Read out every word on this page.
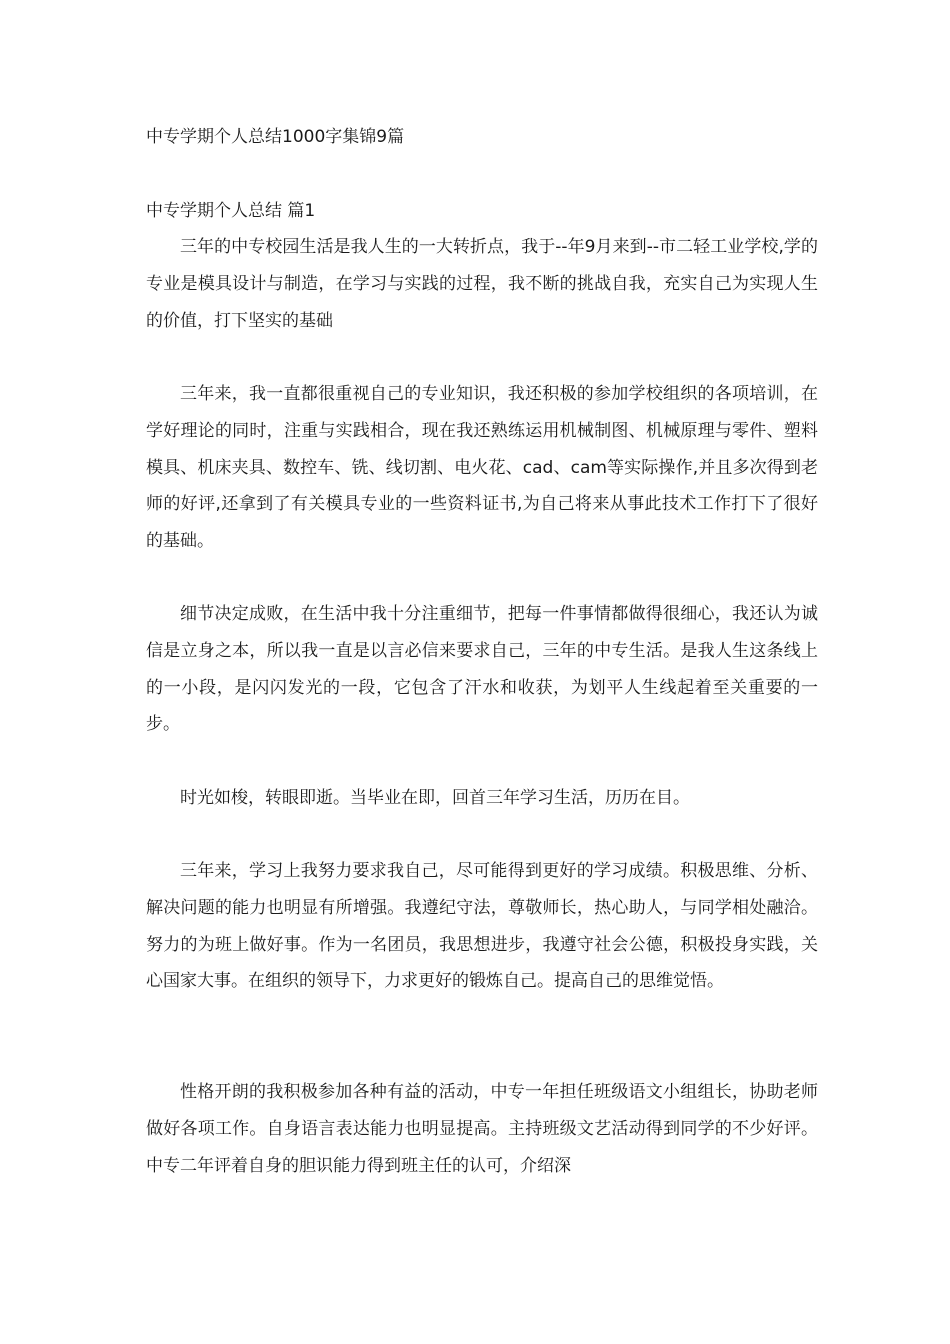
中专学期个人总结1000字集锦9篇
中专学期个人总结 篇1

三年的中专校园生活是我人生的一大转折点，我于--年9月来到--市二轻工业学校,学的专业是模具设计与制造，在学习与实践的过程，我不断的挑战自我，充实自己为实现人生的价值，打下坚实的基础

三年来，我一直都很重视自己的专业知识，我还积极的参加学校组织的各项培训，在学好理论的同时，注重与实践相合，现在我还熟练运用机械制图、机械原理与零件、塑料模具、机床夹具、数控车、铣、线切割、电火花、cad、cam等实际操作,并且多次得到老师的好评,还拿到了有关模具专业的一些资料证书,为自己将来从事此技术工作打下了很好的基础。

细节决定成败，在生活中我十分注重细节，把每一件事情都做得很细心，我还认为诚信是立身之本，所以我一直是以言必信来要求自己，三年的中专生活。是我人生这条线上的一小段，是闪闪发光的一段，它包含了汗水和收获，为划平人生线起着至关重要的一步。

时光如梭，转眼即逝。当毕业在即，回首三年学习生活，历历在目。

三年来，学习上我努力要求我自己，尽可能得到更好的学习成绩。积极思维、分析、解决问题的能力也明显有所增强。我遵纪守法，尊敬师长，热心助人，与同学相处融洽。努力的为班上做好事。作为一名团员，我思想进步，我遵守社会公德，积极投身实践，关心国家大事。在组织的领导下，力求更好的锻炼自己。提高自己的思维觉悟。

性格开朗的我积极参加各种有益的活动，中专一年担任班级语文小组组长，协助老师做好各项工作。自身语言表达能力也明显提高。主持班级文艺活动得到同学的不少好评。中专二年评着自身的胆识能力得到班主任的认可，介绍深
